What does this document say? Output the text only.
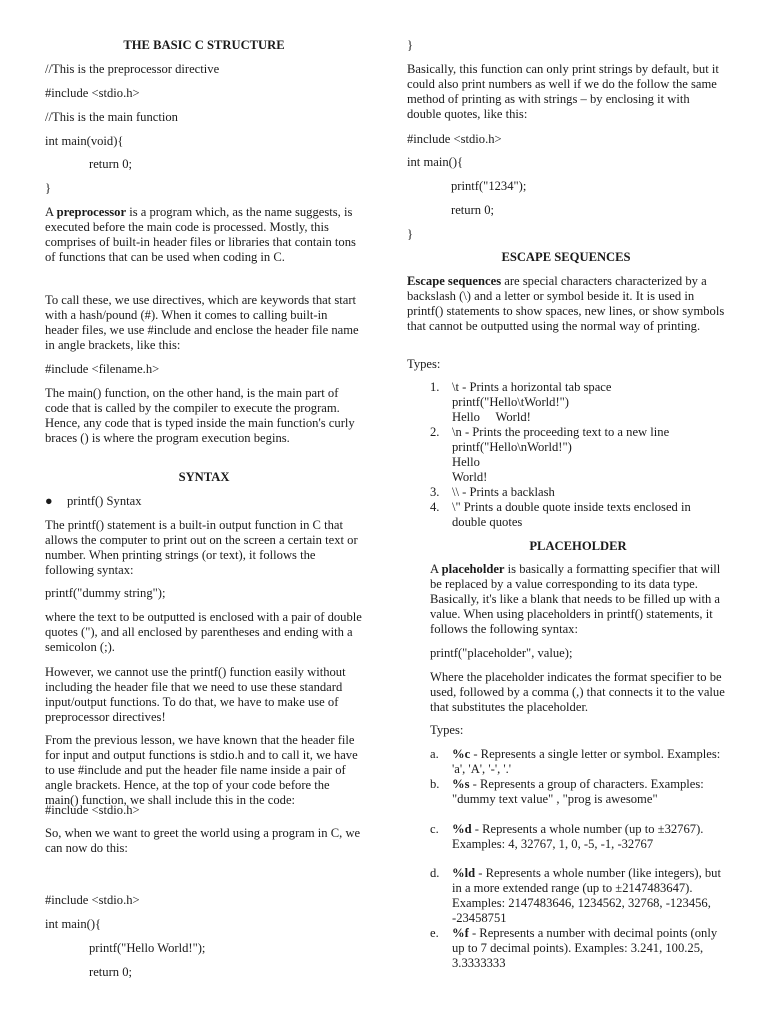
THE BASIC C STRUCTURE

//This is the preprocessor directive

#include <stdio.h>

//This is the main function

int main(void){

return 0;

}

A preprocessor is a program which, as the name suggests, is executed before the main code is processed. Mostly, this comprises of built-in header files or libraries that contain tons of functions that can be used when coding in C.

To call these, we use directives, which are keywords that start with a hash/pound (#). When it comes to calling built-in header files, we use #include and enclose the header file name in angle brackets, like this:

#include <filename.h>

The main() function, on the other hand, is the main part of code that is called by the compiler to execute the program. Hence, any code that is typed inside the main function's curly braces () is where the program execution begins.

SYNTAX

● printf() Syntax

The printf() statement is a built-in output function in C that allows the computer to print out on the screen a certain text or number. When printing strings (or text), it follows the following syntax:

printf("dummy string");

where the text to be outputted is enclosed with a pair of double quotes ("), and all enclosed by parentheses and ending with a semicolon (;).

However, we cannot use the printf() function easily without including the header file that we need to use these standard input/output functions. To do that, we have to make use of preprocessor directives!

From the previous lesson, we have known that the header file for input and output functions is stdio.h and to call it, we have to use #include and put the header file name inside a pair of angle brackets. Hence, at the top of your code before the main() function, we shall include this in the code:

#include <stdio.h>

So, when we want to greet the world using a program in C, we can now do this:

#include <stdio.h>

int main(){

printf("Hello World!");

return 0;

}

Basically, this function can only print strings by default, but it could also print numbers as well if we do the follow the same method of printing as with strings – by enclosing it with double quotes, like this:

#include <stdio.h>

int main(){

printf("1234");

return 0;

}

ESCAPE SEQUENCES

Escape sequences are special characters characterized by a backslash (\) and a letter or symbol beside it. It is used in printf() statements to show spaces, new lines, or show symbols that cannot be outputted using the normal way of printing.

Types:

1. \t - Prints a horizontal tab space
printf("Hello\tWorld!")
Hello     World!
2. \n - Prints the proceeding text to a new line
printf("Hello\nWorld!")
Hello
World!
3. \\ - Prints a backlash
4. \" Prints a double quote inside texts enclosed in
double quotes

PLACEHOLDER

A placeholder is basically a formatting specifier that will be replaced by a value corresponding to its data type. Basically, it's like a blank that needs to be filled up with a value. When using placeholders in printf() statements, it follows the following syntax:

printf("placeholder", value);

Where the placeholder indicates the format specifier to be used, followed by a comma (,) that connects it to the value that substitutes the placeholder.

Types:

a.	%c - Represents a single letter or symbol. Examples: 'a', 'A', '-', '.'
b. %s - Represents a group of characters. Examples: "dummy text value" , "prog is awesome"
c.	%d - Represents a whole number (up to ±32767). Examples: 4, 32767, 1, 0, -5, -1, -32767
d. %ld - Represents a whole number (like integers), but in a more extended range (up to ±2147483647). Examples: 2147483646, 1234562, 32768, -123456, -23458751
e.	%f - Represents a number with decimal points (only up to 7 decimal points). Examples: 3.241, 100.25, 3.3333333
